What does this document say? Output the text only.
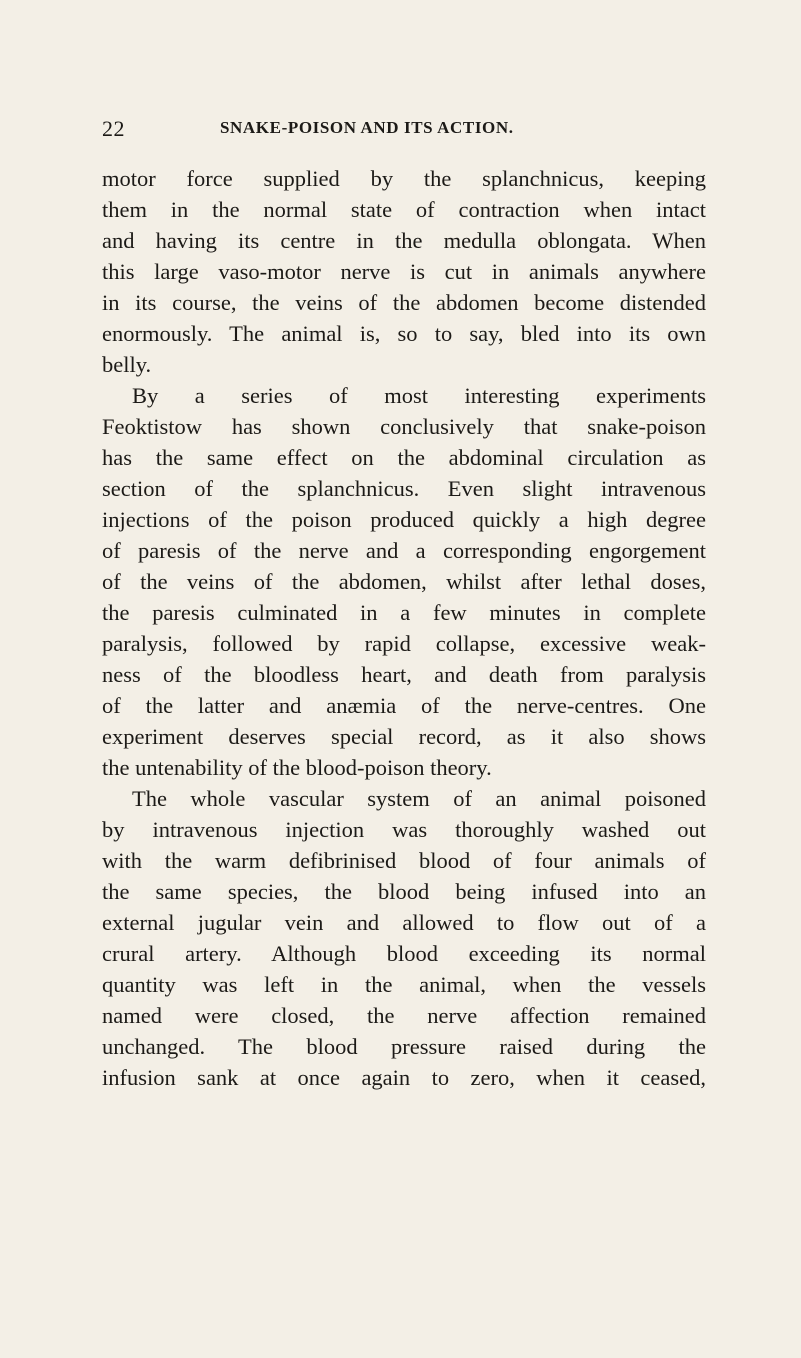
22	SNAKE-POISON AND ITS ACTION.
motor force supplied by the splanchnicus, keeping
them in the normal state of contraction when intact
and having its centre in the medulla oblongata. When
this large vaso-motor nerve is cut in animals anywhere
in its course, the veins of the abdomen become distended
enormously. The animal is, so to say, bled into its own
belly.
By a series of most interesting experiments
Feoktistow has shown conclusively that snake-poison
has the same effect on the abdominal circulation as
section of the splanchnicus. Even slight intravenous
injections of the poison produced quickly a high degree
of paresis of the nerve and a corresponding engorgement
of the veins of the abdomen, whilst after lethal doses,
the paresis culminated in a few minutes in complete
paralysis, followed by rapid collapse, excessive weak-
ness of the bloodless heart, and death from paralysis
of the latter and anæmia of the nerve-centres. One
experiment deserves special record, as it also shows
the untenability of the blood-poison theory.
The whole vascular system of an animal poisoned
by intravenous injection was thoroughly washed out
with the warm defibrinised blood of four animals of
the same species, the blood being infused into an
external jugular vein and allowed to flow out of a
crural artery. Although blood exceeding its normal
quantity was left in the animal, when the vessels
named were closed, the nerve affection remained
unchanged. The blood pressure raised during the
infusion sank at once again to zero, when it ceased,
